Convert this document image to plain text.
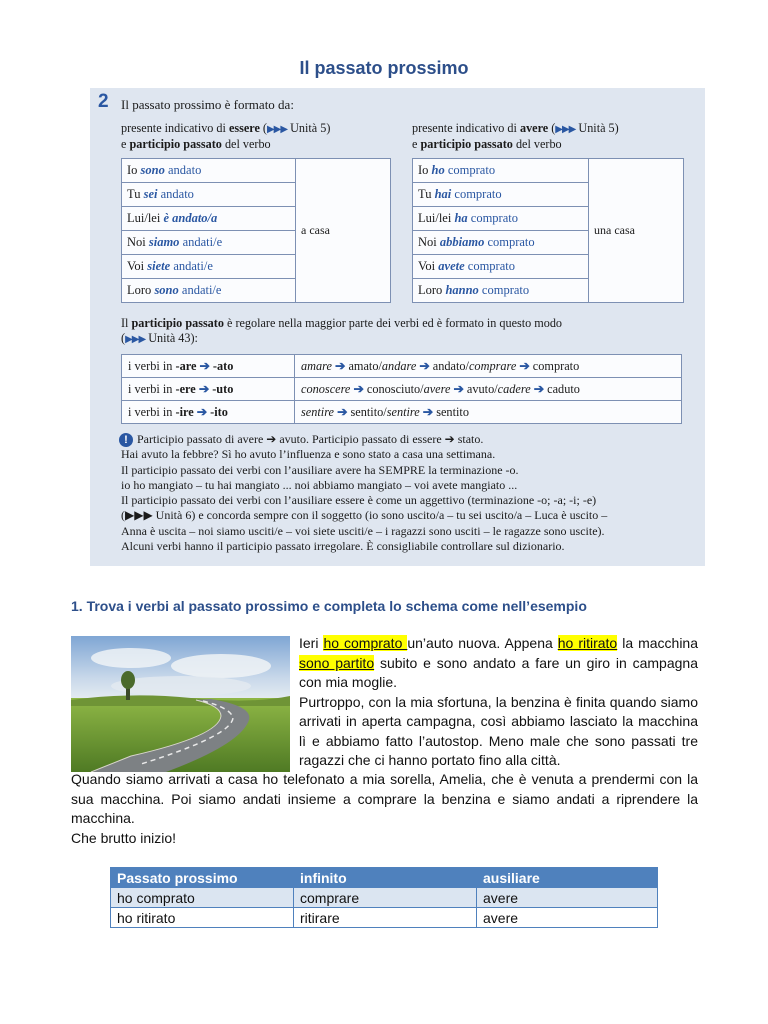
Il passato prossimo
2 Il passato prossimo è formato da:
presente indicativo di essere (▶▶▶ Unità 5)
e participio passato del verbo
presente indicativo di avere (▶▶▶ Unità 5)
e participio passato del verbo
Io sono andato	a casa
Tu sei andato
Lui/lei è andato/a
Noi siamo andati/e
Voi siete andati/e
Loro sono andati/e
Io ho comprato	una casa
Tu hai comprato
Lui/lei ha comprato
Noi abbiamo comprato
Voi avete comprato
Loro hanno comprato
Il participio passato è regolare nella maggior parte dei verbi ed è formato in questo modo
(▶▶▶ Unità 43):
i verbi in -are ➔ -ato	amare ➔ amato/andare ➔ andato/comprare ➔ comprato
i verbi in -ere ➔ -uto	conoscere ➔ conosciuto/avere ➔ avuto/cadere ➔ caduto
i verbi in -ire ➔ -ito	sentire ➔ sentito/sentire ➔ sentito
! Participio passato di avere ➔ avuto. Participio passato di essere ➔ stato.
Hai avuto la febbre? Sì ho avuto l’influenza e sono stato a casa una settimana.
Il participio passato dei verbi con l’ausiliare avere ha SEMPRE la terminazione -o.
io ho mangiato – tu hai mangiato ... noi abbiamo mangiato – voi avete mangiato ...
Il participio passato dei verbi con l’ausiliare essere è come un aggettivo (terminazione -o; -a; -i; -e)
(▶▶▶ Unità 6) e concorda sempre con il soggetto (io sono uscito/a – tu sei uscito/a – Luca è uscito –
Anna è uscita – noi siamo usciti/e – voi siete usciti/e – i ragazzi sono usciti – le ragazze sono uscite).
Alcuni verbi hanno il participio passato irregolare. È consigliabile controllare sul dizionario.
1. Trova i verbi al passato prossimo e completa lo schema come nell’esempio
Ieri ho comprato un’auto nuova. Appena ho ritirato la macchina sono partito subito e sono andato a fare un giro in campagna con mia moglie.
Purtroppo, con la mia sfortuna, la benzina è finita quando siamo arrivati in aperta campagna, così abbiamo lasciato la macchina lì e abbiamo fatto l’autostop. Meno male che sono passati tre ragazzi che ci hanno portato fino alla città.
Quando siamo arrivati a casa ho telefonato a mia sorella, Amelia, che è venuta a prendermi con la sua macchina. Poi siamo andati insieme a comprare la benzina e siamo andati a riprendere la macchina.
Che brutto inizio!
Passato prossimo	infinito	ausiliare
ho comprato	comprare	avere
ho ritirato	ritirare	avere
